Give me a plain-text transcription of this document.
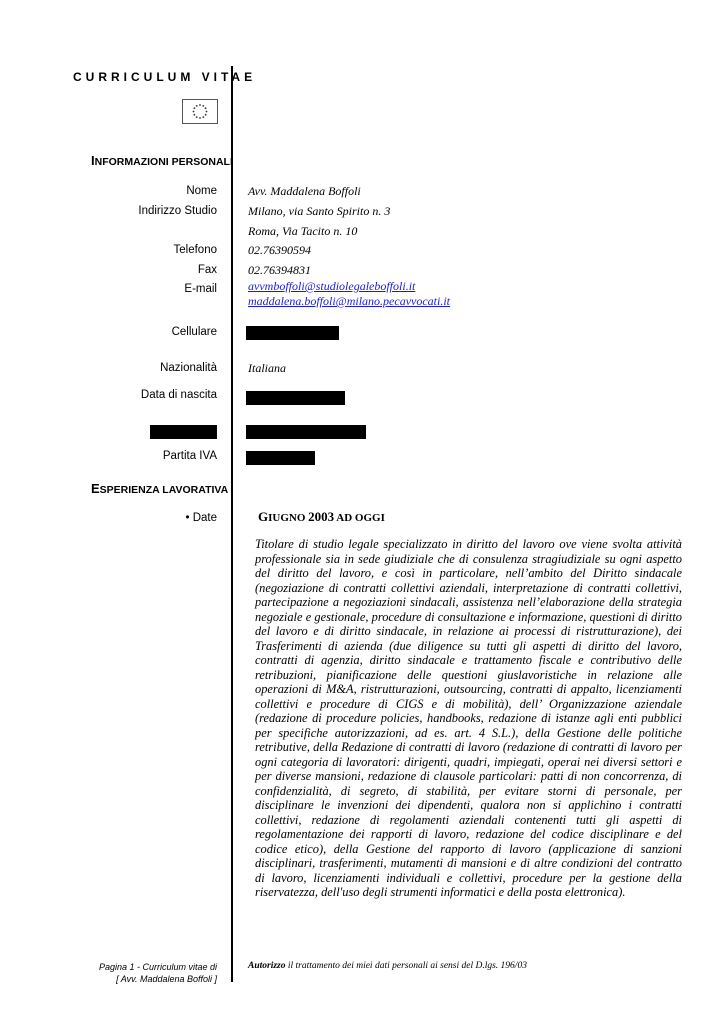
CURRICULUM VITAE
INFORMAZIONI PERSONALI
Nome	Avv. Maddalena Boffoli
Indirizzo Studio	Milano, via Santo Spirito n. 3
Roma, Via Tacito n. 10
Telefono	02.76390594
Fax	02.76394831
E-mail	avvmboffoli@studiolegaleboffoli.it
maddalena.boffoli@milano.pecavvocati.it
Cellulare
Nazionalità	Italiana
Data di nascita
Partita IVA
ESPERIENZA LAVORATIVA
• Date	GIUGNO 2003 AD OGGI
Titolare di studio legale specializzato in diritto del lavoro ove viene svolta attività professionale sia in sede giudiziale che di consulenza stragiudiziale su ogni aspetto del diritto del lavoro, e così in particolare, nell’ambito del Diritto sindacale (negoziazione di contratti collettivi aziendali, interpretazione di contratti collettivi, partecipazione a negoziazioni sindacali, assistenza nell’elaborazione della strategia negoziale e gestionale, procedure di consultazione e informazione, questioni di diritto del lavoro e di diritto sindacale, in relazione ai processi di ristrutturazione), dei Trasferimenti di azienda (due diligence su tutti gli aspetti di diritto del lavoro, contratti di agenzia, diritto sindacale e trattamento fiscale e contributivo delle retribuzioni, pianificazione delle questioni giuslavoristiche in relazione alle operazioni di M&A, ristrutturazioni, outsourcing, contratti di appalto, licenziamenti collettivi e procedure di CIGS e di mobilità), dell’ Organizzazione aziendale (redazione di procedure policies, handbooks, redazione di istanze agli enti pubblici per specifiche autorizzazioni, ad es. art. 4 S.L.), della Gestione delle politiche retributive, della Redazione di contratti di lavoro (redazione di contratti di lavoro per ogni categoria di lavoratori: dirigenti, quadri, impiegati, operai nei diversi settori e per diverse mansioni, redazione di clausole particolari: patti di non concorrenza, di confidenzialità, di segreto, di stabilità, per evitare storni di personale, per disciplinare le invenzioni dei dipendenti, qualora non si applichino i contratti collettivi, redazione di regolamenti aziendali contenenti tutti gli aspetti di regolamentazione dei rapporti di lavoro, redazione del codice disciplinare e del codice etico), della Gestione del rapporto di lavoro (applicazione di sanzioni disciplinari, trasferimenti, mutamenti di mansioni e di altre condizioni del contratto di lavoro, licenziamenti individuali e collettivi, procedure per la gestione della riservatezza, dell'uso degli strumenti informatici e della posta elettronica).
Pagina 1 - Curriculum vitae di
[ Avv. Maddalena Boffoli ]
Autorizzo il trattamento dei miei dati personali ai sensi del D.lgs. 196/03
